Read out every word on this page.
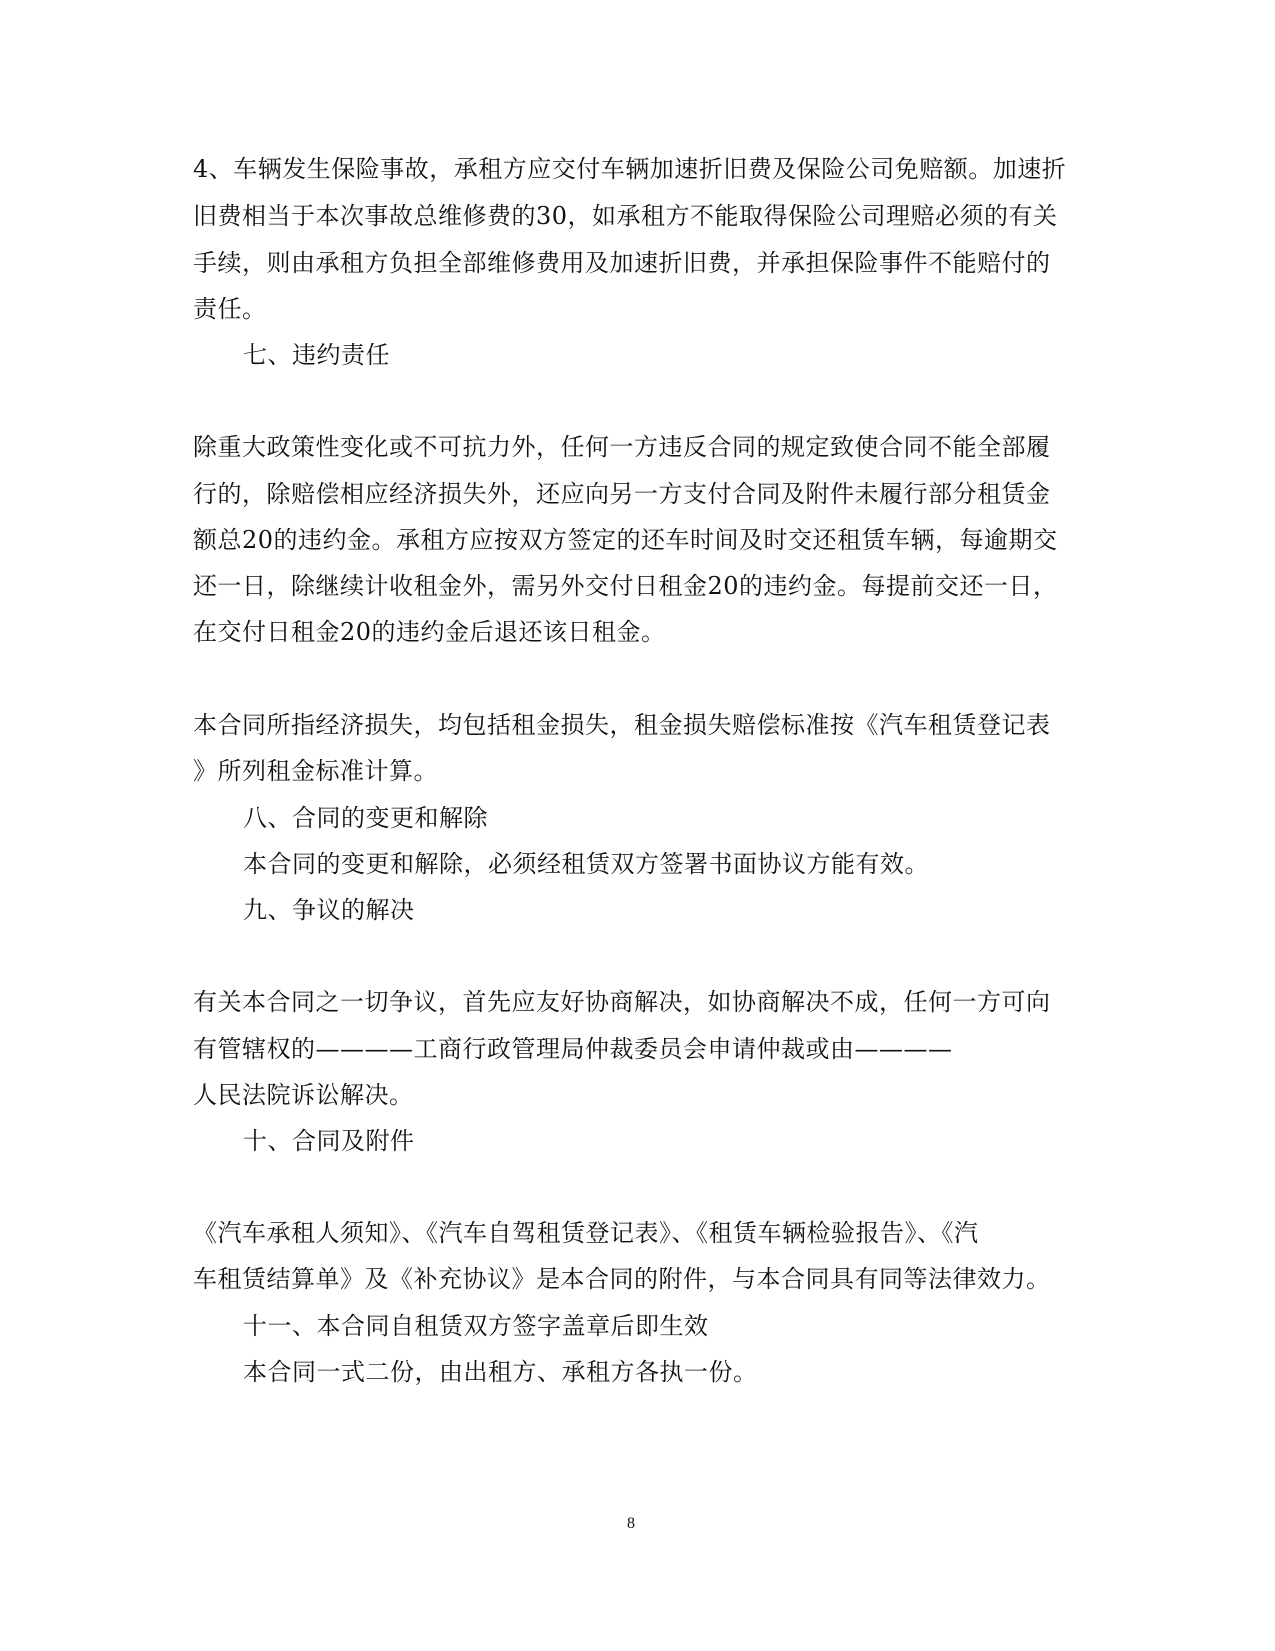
4、车辆发生保险事故，承租方应交付车辆加速折旧费及保险公司免赔额。加速折
旧费相当于本次事故总维修费的30，如承租方不能取得保险公司理赔必须的有关
手续，则由承租方负担全部维修费用及加速折旧费，并承担保险事件不能赔付的
责任。
七、违约责任
除重大政策性变化或不可抗力外，任何一方违反合同的规定致使合同不能全部履
行的，除赔偿相应经济损失外，还应向另一方支付合同及附件未履行部分租赁金
额总20的违约金。承租方应按双方签定的还车时间及时交还租赁车辆，每逾期交
还一日，除继续计收租金外，需另外交付日租金20的违约金。每提前交还一日，
在交付日租金20的违约金后退还该日租金。
本合同所指经济损失，均包括租金损失，租金损失赔偿标准按《汽车租赁登记表
》所列租金标准计算。
八、合同的变更和解除
本合同的变更和解除，必须经租赁双方签署书面协议方能有效。
九、争议的解决
有关本合同之一切争议，首先应友好协商解决，如协商解决不成，任何一方可向
有管辖权的————工商行政管理局仲裁委员会申请仲裁或由————
人民法院诉讼解决。
十、合同及附件
《汽车承租人须知》、《汽车自驾租赁登记表》、《租赁车辆检验报告》、《汽
车租赁结算单》及《补充协议》是本合同的附件，与本合同具有同等法律效力。
十一、本合同自租赁双方签字盖章后即生效
本合同一式二份，由出租方、承租方各执一份。
8
